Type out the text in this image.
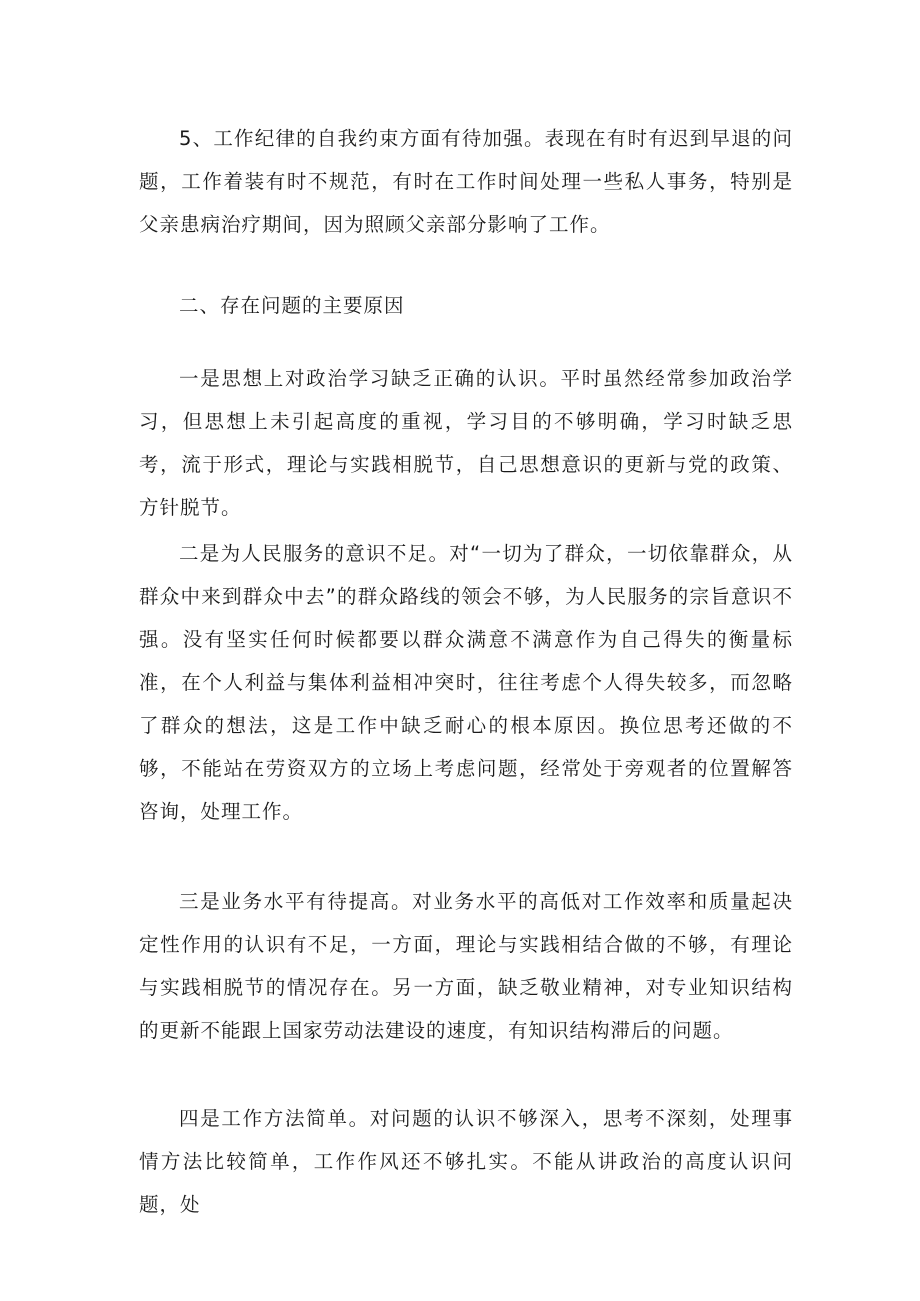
5、工作纪律的自我约束方面有待加强。表现在有时有迟到早退的问题，工作着装有时不规范，有时在工作时间处理一些私人事务，特别是父亲患病治疗期间，因为照顾父亲部分影响了工作。

二、存在问题的主要原因

一是思想上对政治学习缺乏正确的认识。平时虽然经常参加政治学习，但思想上未引起高度的重视，学习目的不够明确，学习时缺乏思考，流于形式，理论与实践相脱节，自己思想意识的更新与党的政策、方针脱节。

二是为人民服务的意识不足。对“一切为了群众，一切依靠群众，从群众中来到群众中去”的群众路线的领会不够，为人民服务的宗旨意识不强。没有坚实任何时候都要以群众满意不满意作为自己得失的衡量标准，在个人利益与集体利益相冲突时，往往考虑个人得失较多，而忽略了群众的想法，这是工作中缺乏耐心的根本原因。换位思考还做的不够，不能站在劳资双方的立场上考虑问题，经常处于旁观者的位置解答咨询，处理工作。

三是业务水平有待提高。对业务水平的高低对工作效率和质量起决定性作用的认识有不足，一方面，理论与实践相结合做的不够，有理论与实践相脱节的情况存在。另一方面，缺乏敬业精神，对专业知识结构的更新不能跟上国家劳动法建设的速度，有知识结构滞后的问题。

四是工作方法简单。对问题的认识不够深入，思考不深刻，处理事情方法比较简单，工作作风还不够扎实。不能从讲政治的高度认识问题，处
